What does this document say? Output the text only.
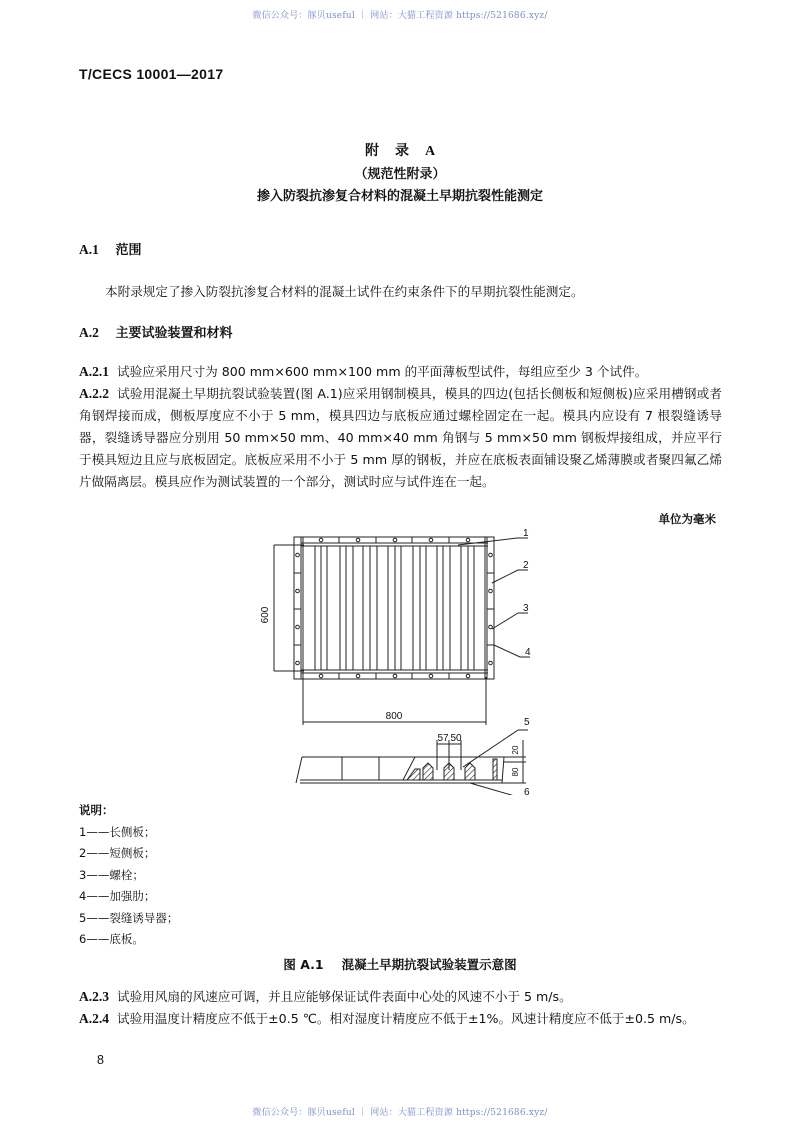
微信公众号：豚贝useful ｜ 网站：大猫工程资源 https://521686.xyz/
T/CECS 10001—2017
附 录 A
（规范性附录）
掺入防裂抗渗复合材料的混凝土早期抗裂性能测定
A.1 范围
本附录规定了掺入防裂抗渗复合材料的混凝土试件在约束条件下的早期抗裂性能测定。
A.2 主要试验装置和材料
A.2.1 试验应采用尺寸为 800 mm×600 mm×100 mm 的平面薄板型试件，每组应至少 3 个试件。
A.2.2 试验用混凝土早期抗裂试验装置(图 A.1)应采用钢制模具，模具的四边(包括长侧板和短侧板)应采用槽钢或者角钢焊接而成，侧板厚度应不小于 5 mm，模具四边与底板应通过螺栓固定在一起。模具内应设有 7 根裂缝诱导器，裂缝诱导器应分别用 50 mm×50 mm、40 mm×40 mm 角钢与 5 mm×50 mm 钢板焊接组成，并应平行于模具短边且应与底板固定。底板应采用不小于 5 mm 厚的钢板，并应在底板表面铺设聚乙烯薄膜或者聚四氟乙烯片做隔离层。模具应作为测试装置的一个部分，测试时应与试件连在一起。
单位为毫米
600
800
57 50
20
80
1
2
3
4
5
6
说明：
1——长侧板；
2——短侧板；
3——螺栓；
4——加强肋；
5——裂缝诱导器；
6——底板。
图 A.1 混凝土早期抗裂试验装置示意图
A.2.3 试验用风扇的风速应可调，并且应能够保证试件表面中心处的风速不小于 5 m/s。
A.2.4 试验用温度计精度应不低于±0.5 ℃。相对湿度计精度应不低于±1%。风速计精度应不低于±0.5 m/s。
8
微信公众号：豚贝useful ｜ 网站：大猫工程资源 https://521686.xyz/
